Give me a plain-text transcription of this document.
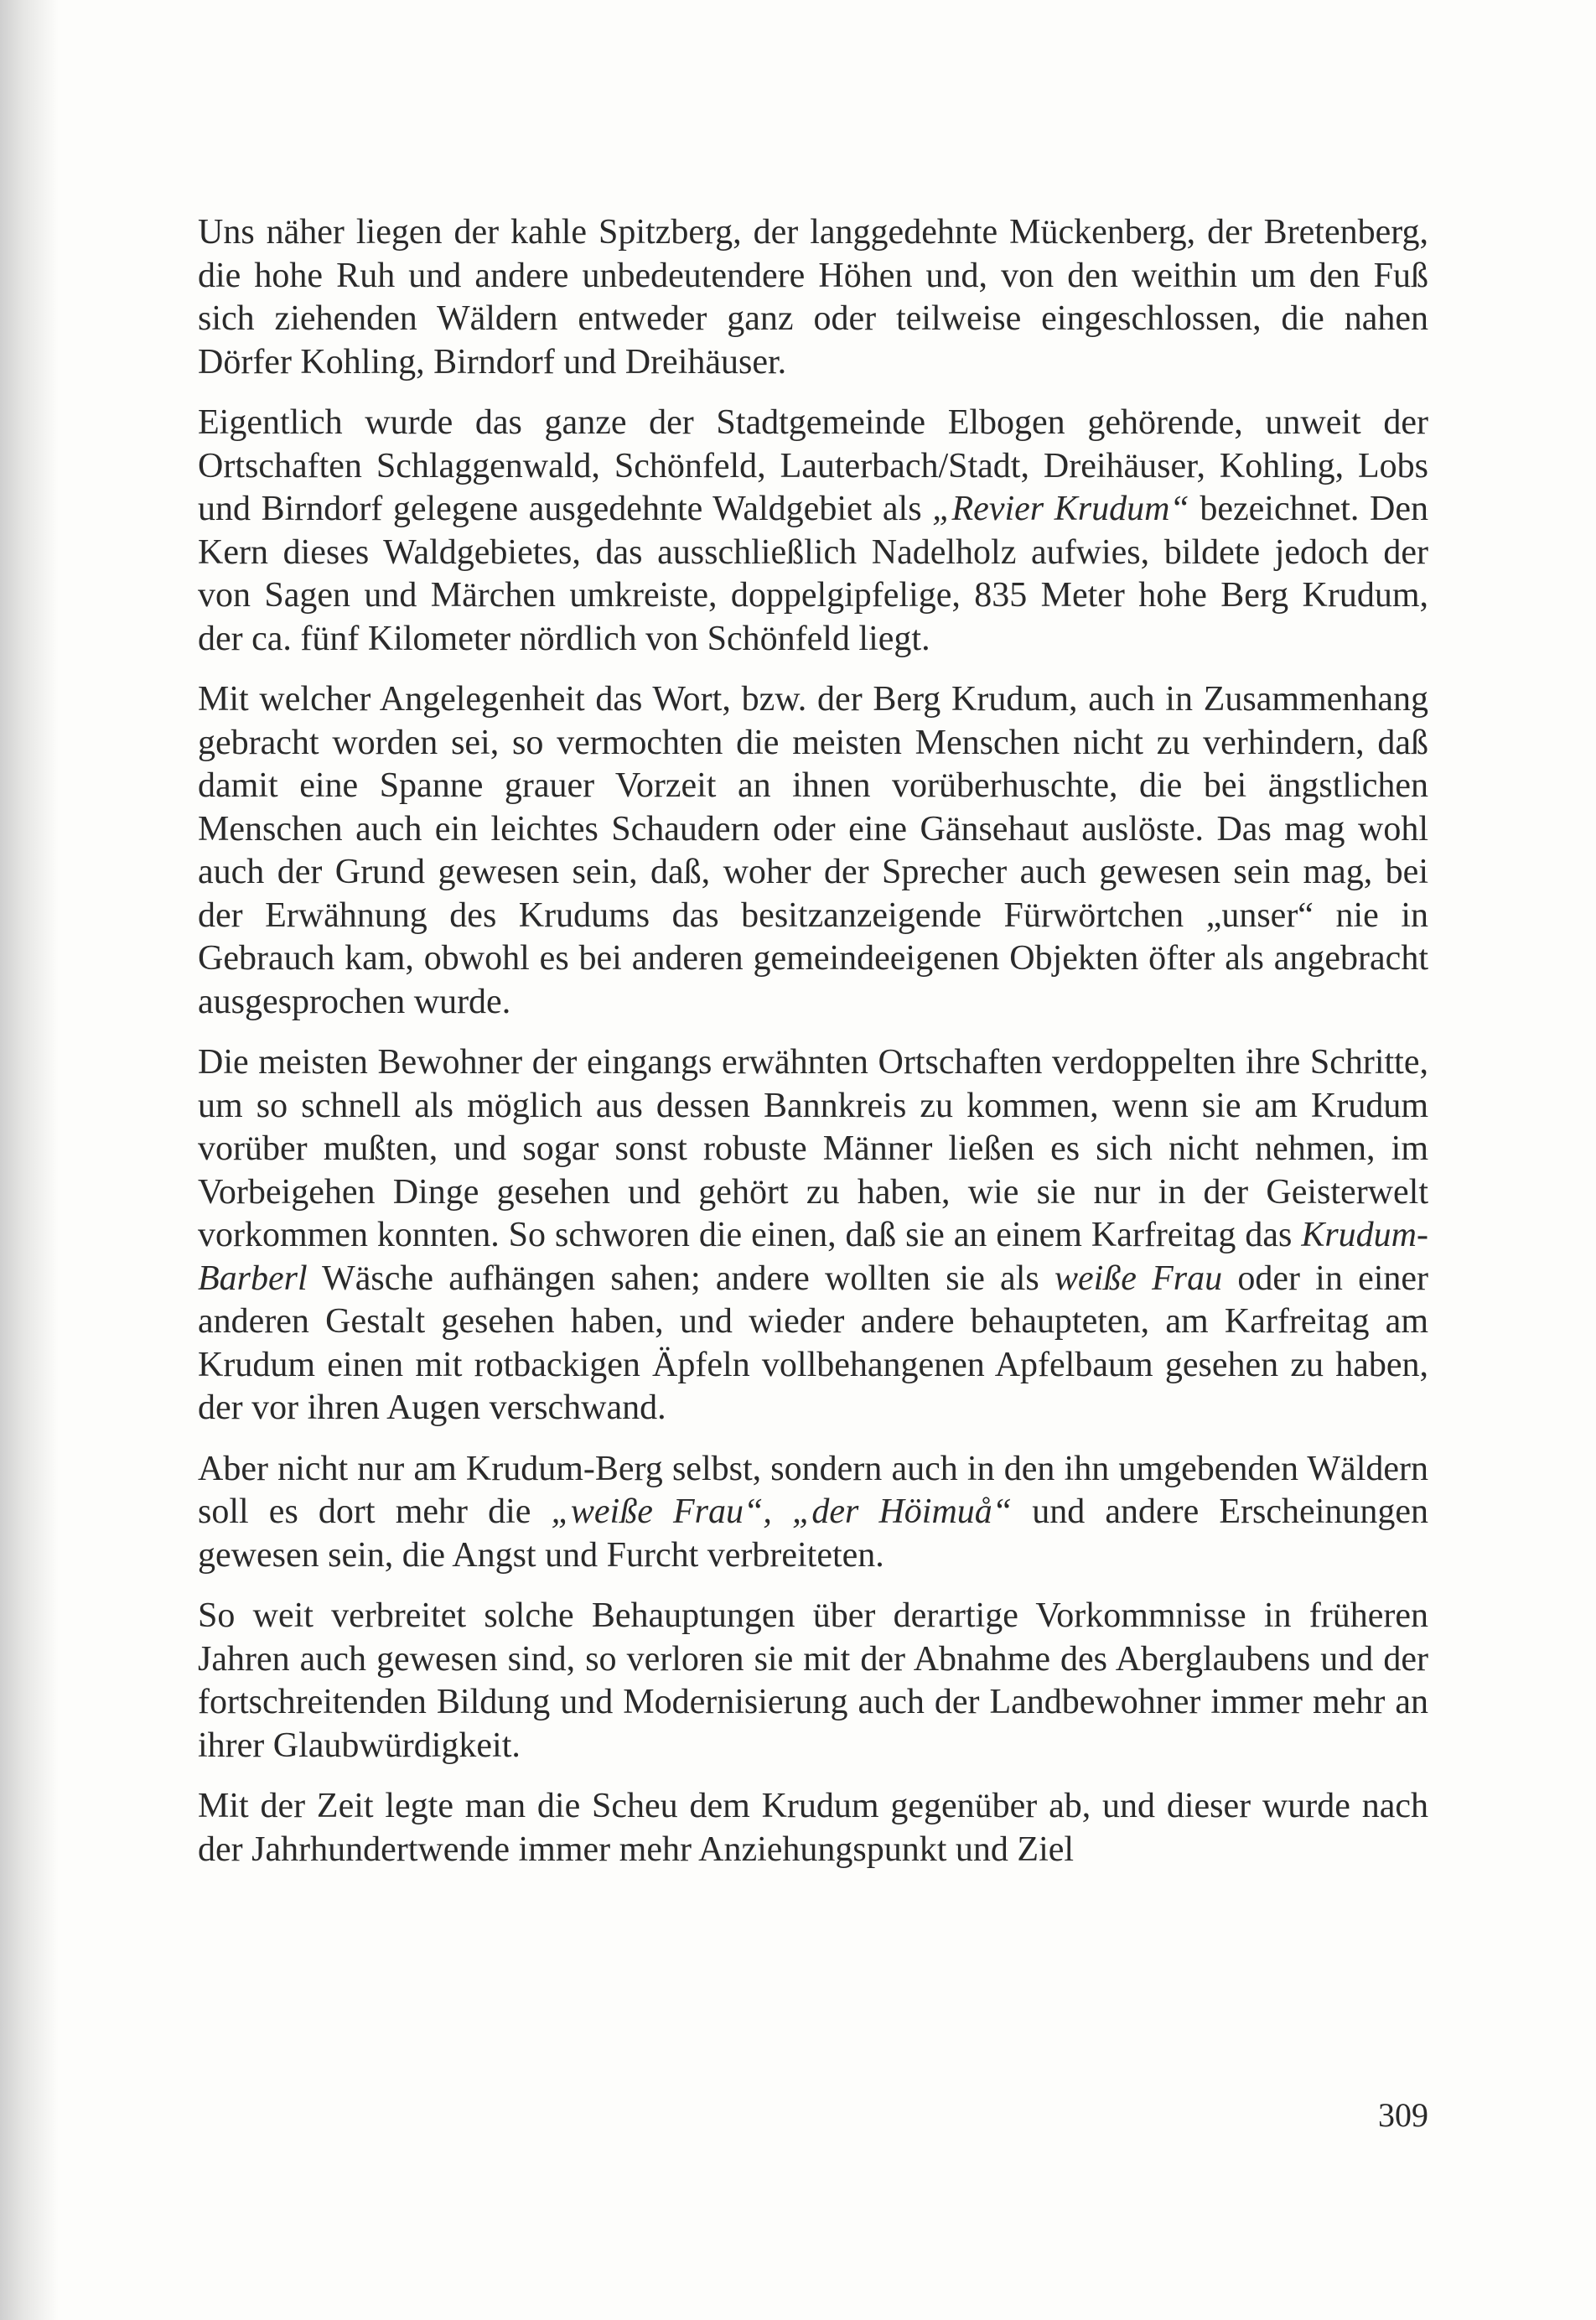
Uns näher liegen der kahle Spitzberg, der langgedehnte Mückenberg, der Bretenberg, die hohe Ruh und andere unbedeutendere Höhen und, von den weithin um den Fuß sich ziehenden Wäldern entweder ganz oder teilweise eingeschlossen, die nahen Dörfer Kohling, Birndorf und Dreihäuser.

Eigentlich wurde das ganze der Stadtgemeinde Elbogen gehörende, unweit der Ortschaften Schlaggenwald, Schönfeld, Lauterbach/Stadt, Dreihäuser, Kohling, Lobs und Birndorf gelegene ausgedehnte Waldgebiet als „Revier Krudum“ bezeichnet. Den Kern dieses Waldgebietes, das ausschließlich Nadelholz aufwies, bildete jedoch der von Sagen und Märchen umkreiste, doppelgipfelige, 835 Meter hohe Berg Krudum, der ca. fünf Kilometer nördlich von Schönfeld liegt.

Mit welcher Angelegenheit das Wort, bzw. der Berg Krudum, auch in Zusammenhang gebracht worden sei, so vermochten die meisten Menschen nicht zu verhindern, daß damit eine Spanne grauer Vorzeit an ihnen vorüberhuschte, die bei ängstlichen Menschen auch ein leichtes Schaudern oder eine Gänsehaut auslöste. Das mag wohl auch der Grund gewesen sein, daß, woher der Sprecher auch gewesen sein mag, bei der Erwähnung des Krudums das besitzanzeigende Fürwörtchen „unser“ nie in Gebrauch kam, obwohl es bei anderen gemeindeeigenen Objekten öfter als angebracht ausgesprochen wurde.

Die meisten Bewohner der eingangs erwähnten Ortschaften verdoppelten ihre Schritte, um so schnell als möglich aus dessen Bannkreis zu kommen, wenn sie am Krudum vorüber mußten, und sogar sonst robuste Männer ließen es sich nicht nehmen, im Vorbeigehen Dinge gesehen und gehört zu haben, wie sie nur in der Geisterwelt vorkommen konnten. So schworen die einen, daß sie an einem Karfreitag das Krudum-Barberl Wäsche aufhängen sahen; andere wollten sie als weiße Frau oder in einer anderen Gestalt gesehen haben, und wieder andere behaupteten, am Karfreitag am Krudum einen mit rotbackigen Äpfeln vollbehangenen Apfelbaum gesehen zu haben, der vor ihren Augen verschwand.

Aber nicht nur am Krudum-Berg selbst, sondern auch in den ihn umgebenden Wäldern soll es dort mehr die „weiße Frau“, „der Höimuå“ und andere Erscheinungen gewesen sein, die Angst und Furcht verbreiteten.

So weit verbreitet solche Behauptungen über derartige Vorkommnisse in früheren Jahren auch gewesen sind, so verloren sie mit der Abnahme des Aberglaubens und der fortschreitenden Bildung und Modernisierung auch der Landbewohner immer mehr an ihrer Glaubwürdigkeit.

Mit der Zeit legte man die Scheu dem Krudum gegenüber ab, und dieser wurde nach der Jahrhundertwende immer mehr Anziehungspunkt und Ziel

309
